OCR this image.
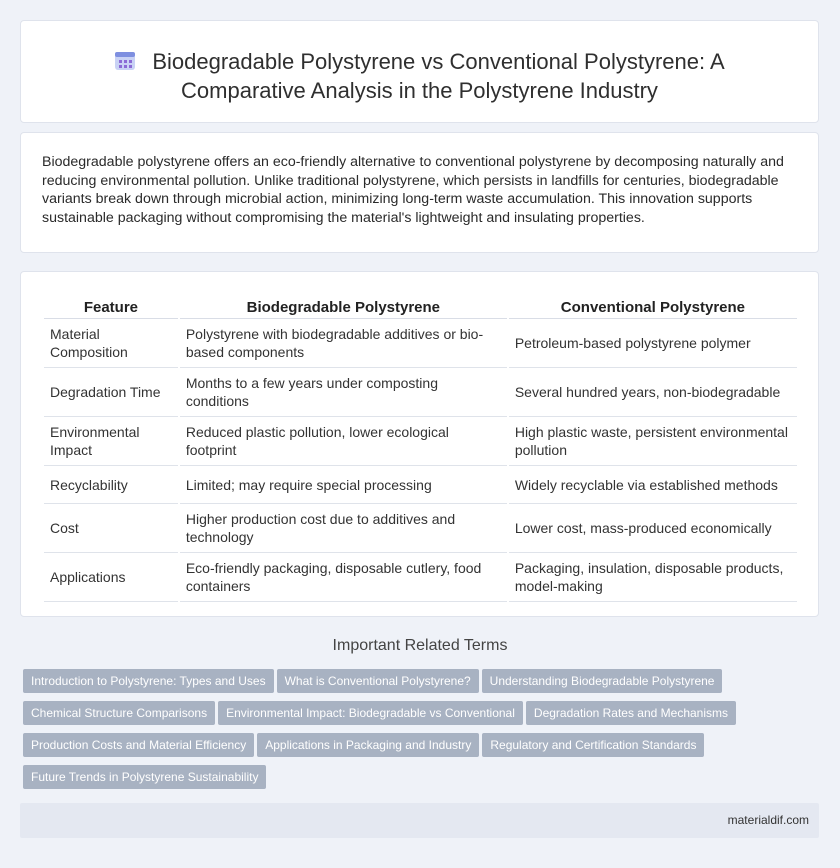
Biodegradable Polystyrene vs Conventional Polystyrene: A
Comparative Analysis in the Polystyrene Industry
Biodegradable polystyrene offers an eco-friendly alternative to conventional polystyrene by decomposing naturally and reducing environmental pollution. Unlike traditional polystyrene, which persists in landfills for centuries, biodegradable variants break down through microbial action, minimizing long-term waste accumulation. This innovation supports sustainable packaging without compromising the material's lightweight and insulating properties.
Feature	Biodegradable Polystyrene	Conventional Polystyrene
Material Composition	Polystyrene with biodegradable additives or bio-based components	Petroleum-based polystyrene polymer
Degradation Time	Months to a few years under composting conditions	Several hundred years, non-biodegradable
Environmental Impact	Reduced plastic pollution, lower ecological footprint	High plastic waste, persistent environmental pollution
Recyclability	Limited; may require special processing	Widely recyclable via established methods
Cost	Higher production cost due to additives and technology	Lower cost, mass-produced economically
Applications	Eco-friendly packaging, disposable cutlery, food containers	Packaging, insulation, disposable products, model-making
Important Related Terms
Introduction to Polystyrene: Types and Uses What is Conventional Polystyrene? Understanding Biodegradable Polystyrene
Chemical Structure Comparisons Environmental Impact: Biodegradable vs Conventional Degradation Rates and Mechanisms
Production Costs and Material Efficiency Applications in Packaging and Industry Regulatory and Certification Standards
Future Trends in Polystyrene Sustainability
materialdif.com
